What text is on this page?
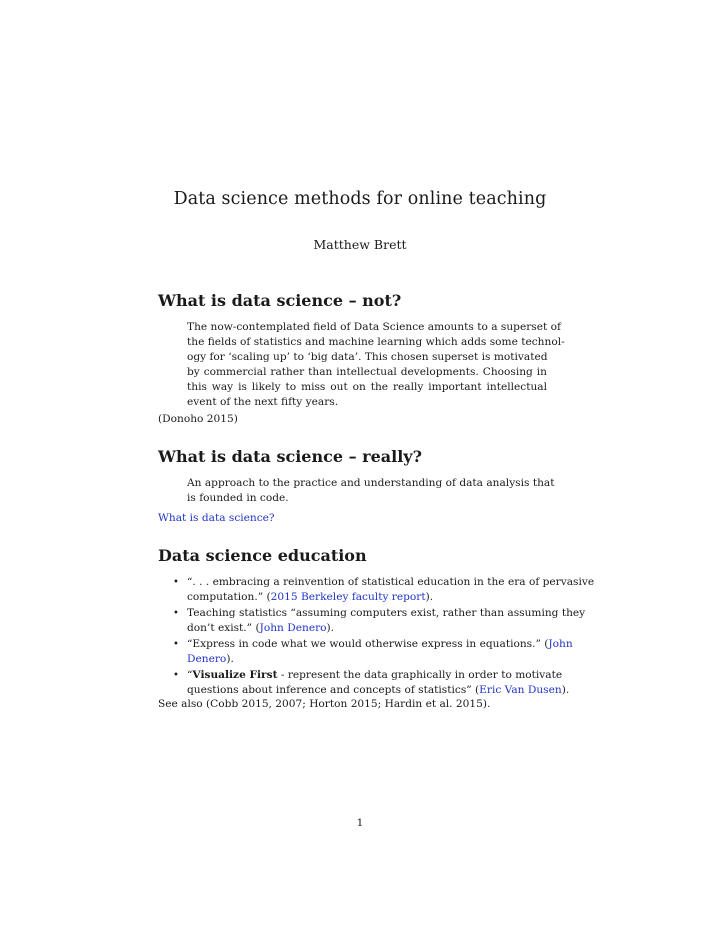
Data science methods for online teaching
Matthew Brett
What is data science – not?
The now-contemplated field of Data Science amounts to a superset of
the fields of statistics and machine learning which adds some technol-
ogy for ‘scaling up’ to ‘big data’. This chosen superset is motivated
by commercial rather than intellectual developments. Choosing in
this way is likely to miss out on the really important intellectual
event of the next fifty years.

(Donoho 2015)

What is data science – really?
An approach to the practice and understanding of data analysis that
is founded in code.

What is data science?

Data science education
• “. . . embracing a reinvention of statistical education in the era of pervasive
computation.” (2015 Berkeley faculty report).
• Teaching statistics “assuming computers exist, rather than assuming they
don’t exist.” (John Denero).
• “Express in code what we would otherwise express in equations.” (John
Denero).
• “Visualize First - represent the data graphically in order to motivate
questions about inference and concepts of statistics” (Eric Van Dusen).

See also (Cobb 2015, 2007; Horton 2015; Hardin et al. 2015).

1
